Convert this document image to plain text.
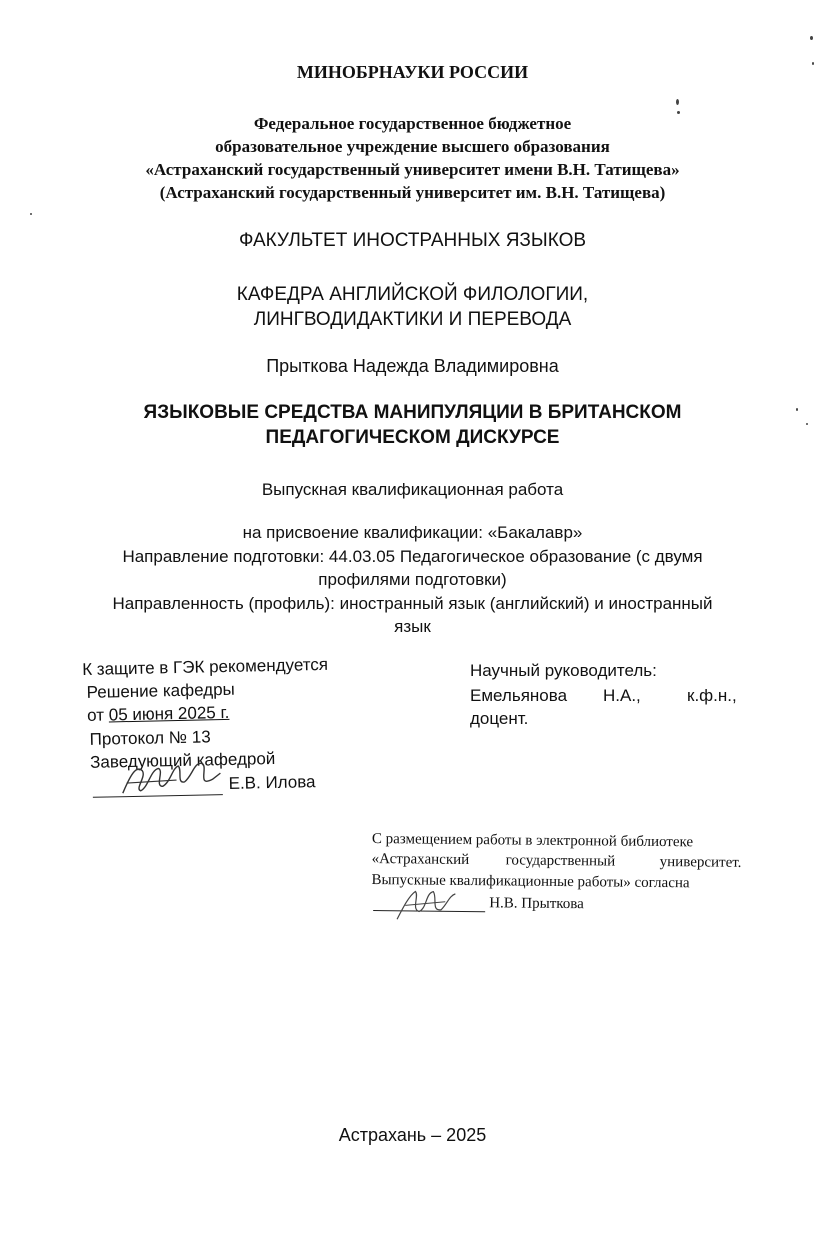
МИНОБРНАУКИ РОССИИ
Федеральное государственное бюджетное
образовательное учреждение высшего образования
«Астраханский государственный университет имени В.Н. Татищева»
(Астраханский государственный университет им. В.Н. Татищева)
ФАКУЛЬТЕТ ИНОСТРАННЫХ ЯЗЫКОВ
КАФЕДРА АНГЛИЙСКОЙ ФИЛОЛОГИИ,
ЛИНГВОДИДАКТИКИ И ПЕРЕВОДА
Прыткова Надежда Владимировна
ЯЗЫКОВЫЕ СРЕДСТВА МАНИПУЛЯЦИИ В БРИТАНСКОМ
ПЕДАГОГИЧЕСКОМ ДИСКУРСЕ
Выпускная квалификационная работа
на присвоение квалификации: «Бакалавр»
Направление подготовки: 44.03.05 Педагогическое образование (с двумя
профилями подготовки)
Направленность (профиль): иностранный язык (английский) и иностранный
язык
К защите в ГЭК рекомендуется
Решение кафедры
от 05 июня 2025 г.
Протокол № 13
Заведующий кафедрой
Е.В. Илова
Научный руководитель:
Емельянова Н.А.,	к.ф.н.,
доцент.
С размещением работы в электронной библиотеке
«Астраханский государственный	университет.
Выпускные квалификационные работы» согласна
Н.В. Прыткова
Астрахань – 2025
